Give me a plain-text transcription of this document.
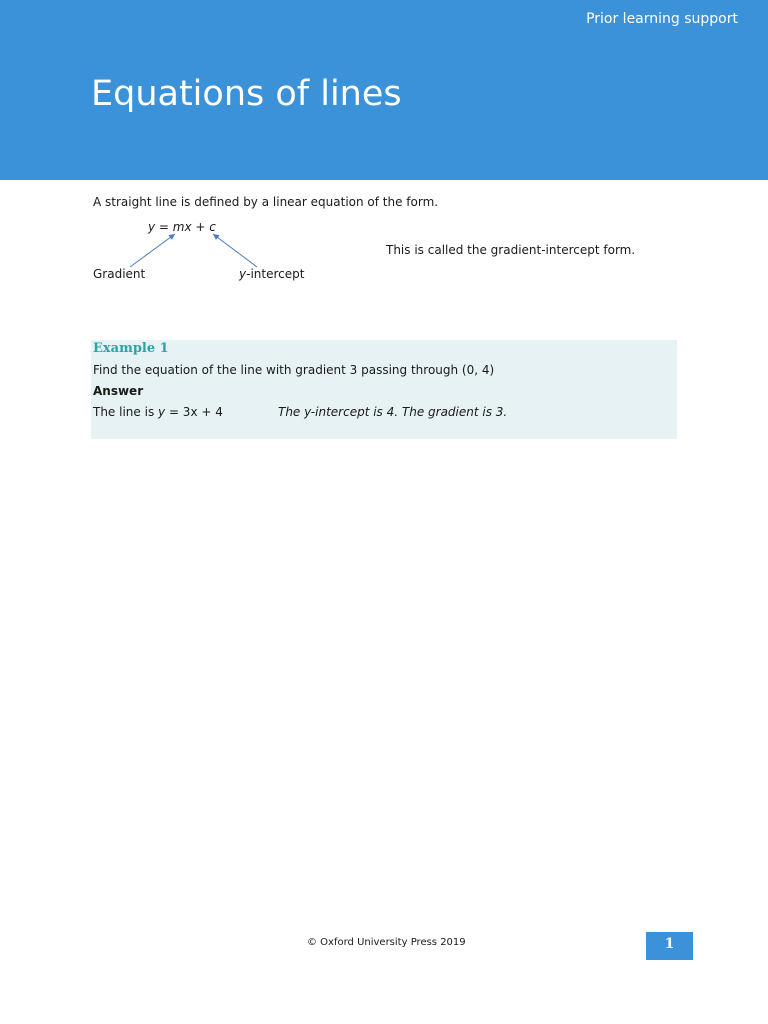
Prior learning support
Equations of lines

A straight line is defined by a linear equation of the form.

y = mx + c
Gradient	y-intercept
This is called the gradient-intercept form.
Example 1
Find the equation of the line with gradient 3 passing through (0, 4)
Answer
The line is y = 3x + 4	The y-intercept is 4. The gradient is 3.
© Oxford University Press 2019	1
